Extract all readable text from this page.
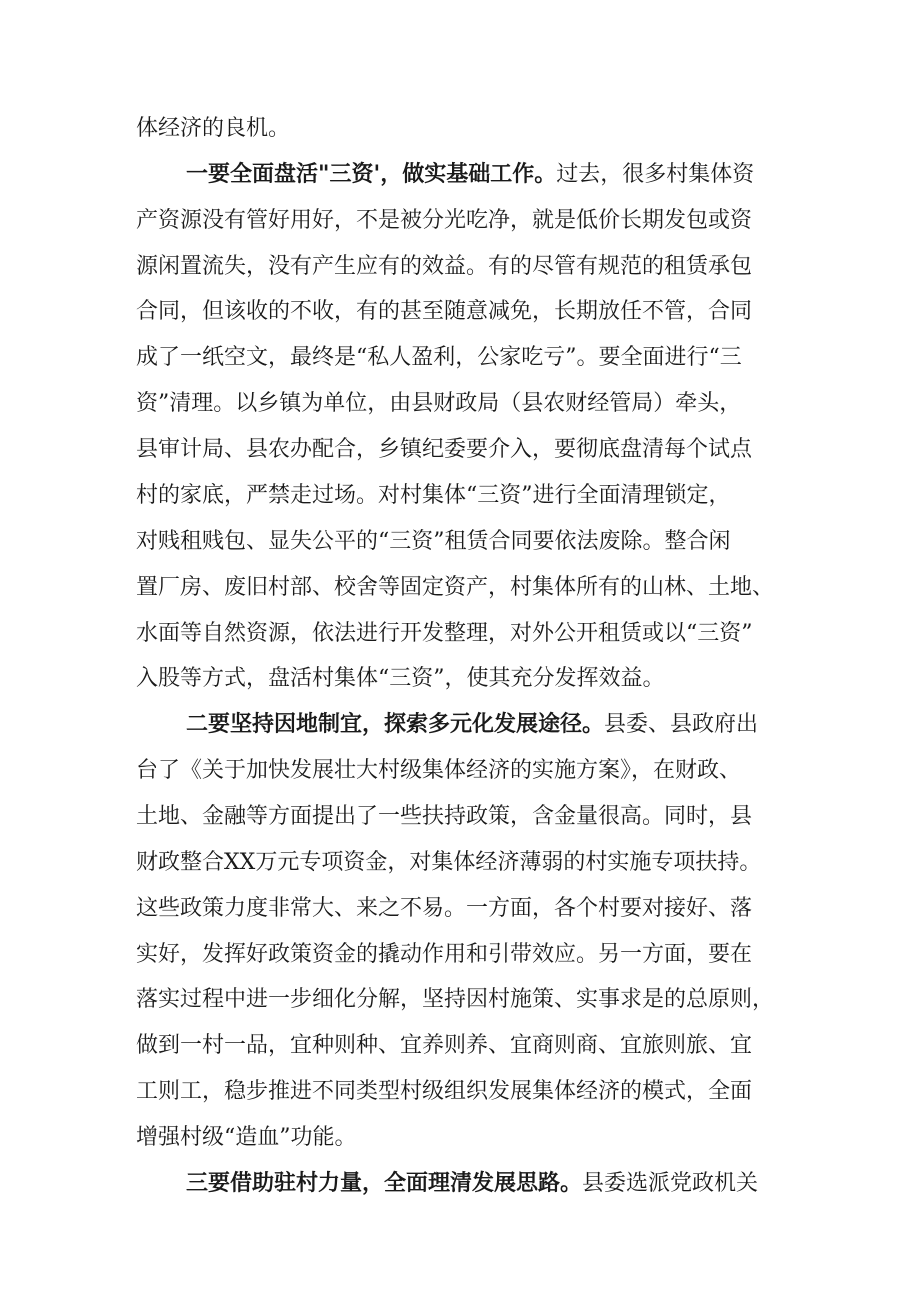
体经济的良机。
一要全面盘活"三资'，做实基础工作。过去，很多村集体资
产资源没有管好用好，不是被分光吃净，就是低价长期发包或资
源闲置流失，没有产生应有的效益。有的尽管有规范的租赁承包
合同，但该收的不收，有的甚至随意减免，长期放任不管，合同
成了一纸空文，最终是“私人盈利，公家吃亏”。要全面进行“三
资”清理。以乡镇为单位，由县财政局（县农财经管局）牵头，
县审计局、县农办配合，乡镇纪委要介入，要彻底盘清每个试点
村的家底，严禁走过场。对村集体“三资”进行全面清理锁定，
对贱租贱包、显失公平的“三资”租赁合同要依法废除。整合闲
置厂房、废旧村部、校舍等固定资产，村集体所有的山林、土地、
水面等自然资源，依法进行开发整理，对外公开租赁或以“三资”
入股等方式，盘活村集体“三资”，使其充分发挥效益。
二要坚持因地制宜，探索多元化发展途径。县委、县政府出
台了《关于加快发展壮大村级集体经济的实施方案》，在财政、
土地、金融等方面提出了一些扶持政策，含金量很高。同时，县
财政整合XX万元专项资金，对集体经济薄弱的村实施专项扶持。
这些政策力度非常大、来之不易。一方面，各个村要对接好、落
实好，发挥好政策资金的撬动作用和引带效应。另一方面，要在
落实过程中进一步细化分解，坚持因村施策、实事求是的总原则，
做到一村一品，宜种则种、宜养则养、宜商则商、宜旅则旅、宜
工则工，稳步推进不同类型村级组织发展集体经济的模式，全面
增强村级“造血”功能。
三要借助驻村力量，全面理清发展思路。县委选派党政机关
